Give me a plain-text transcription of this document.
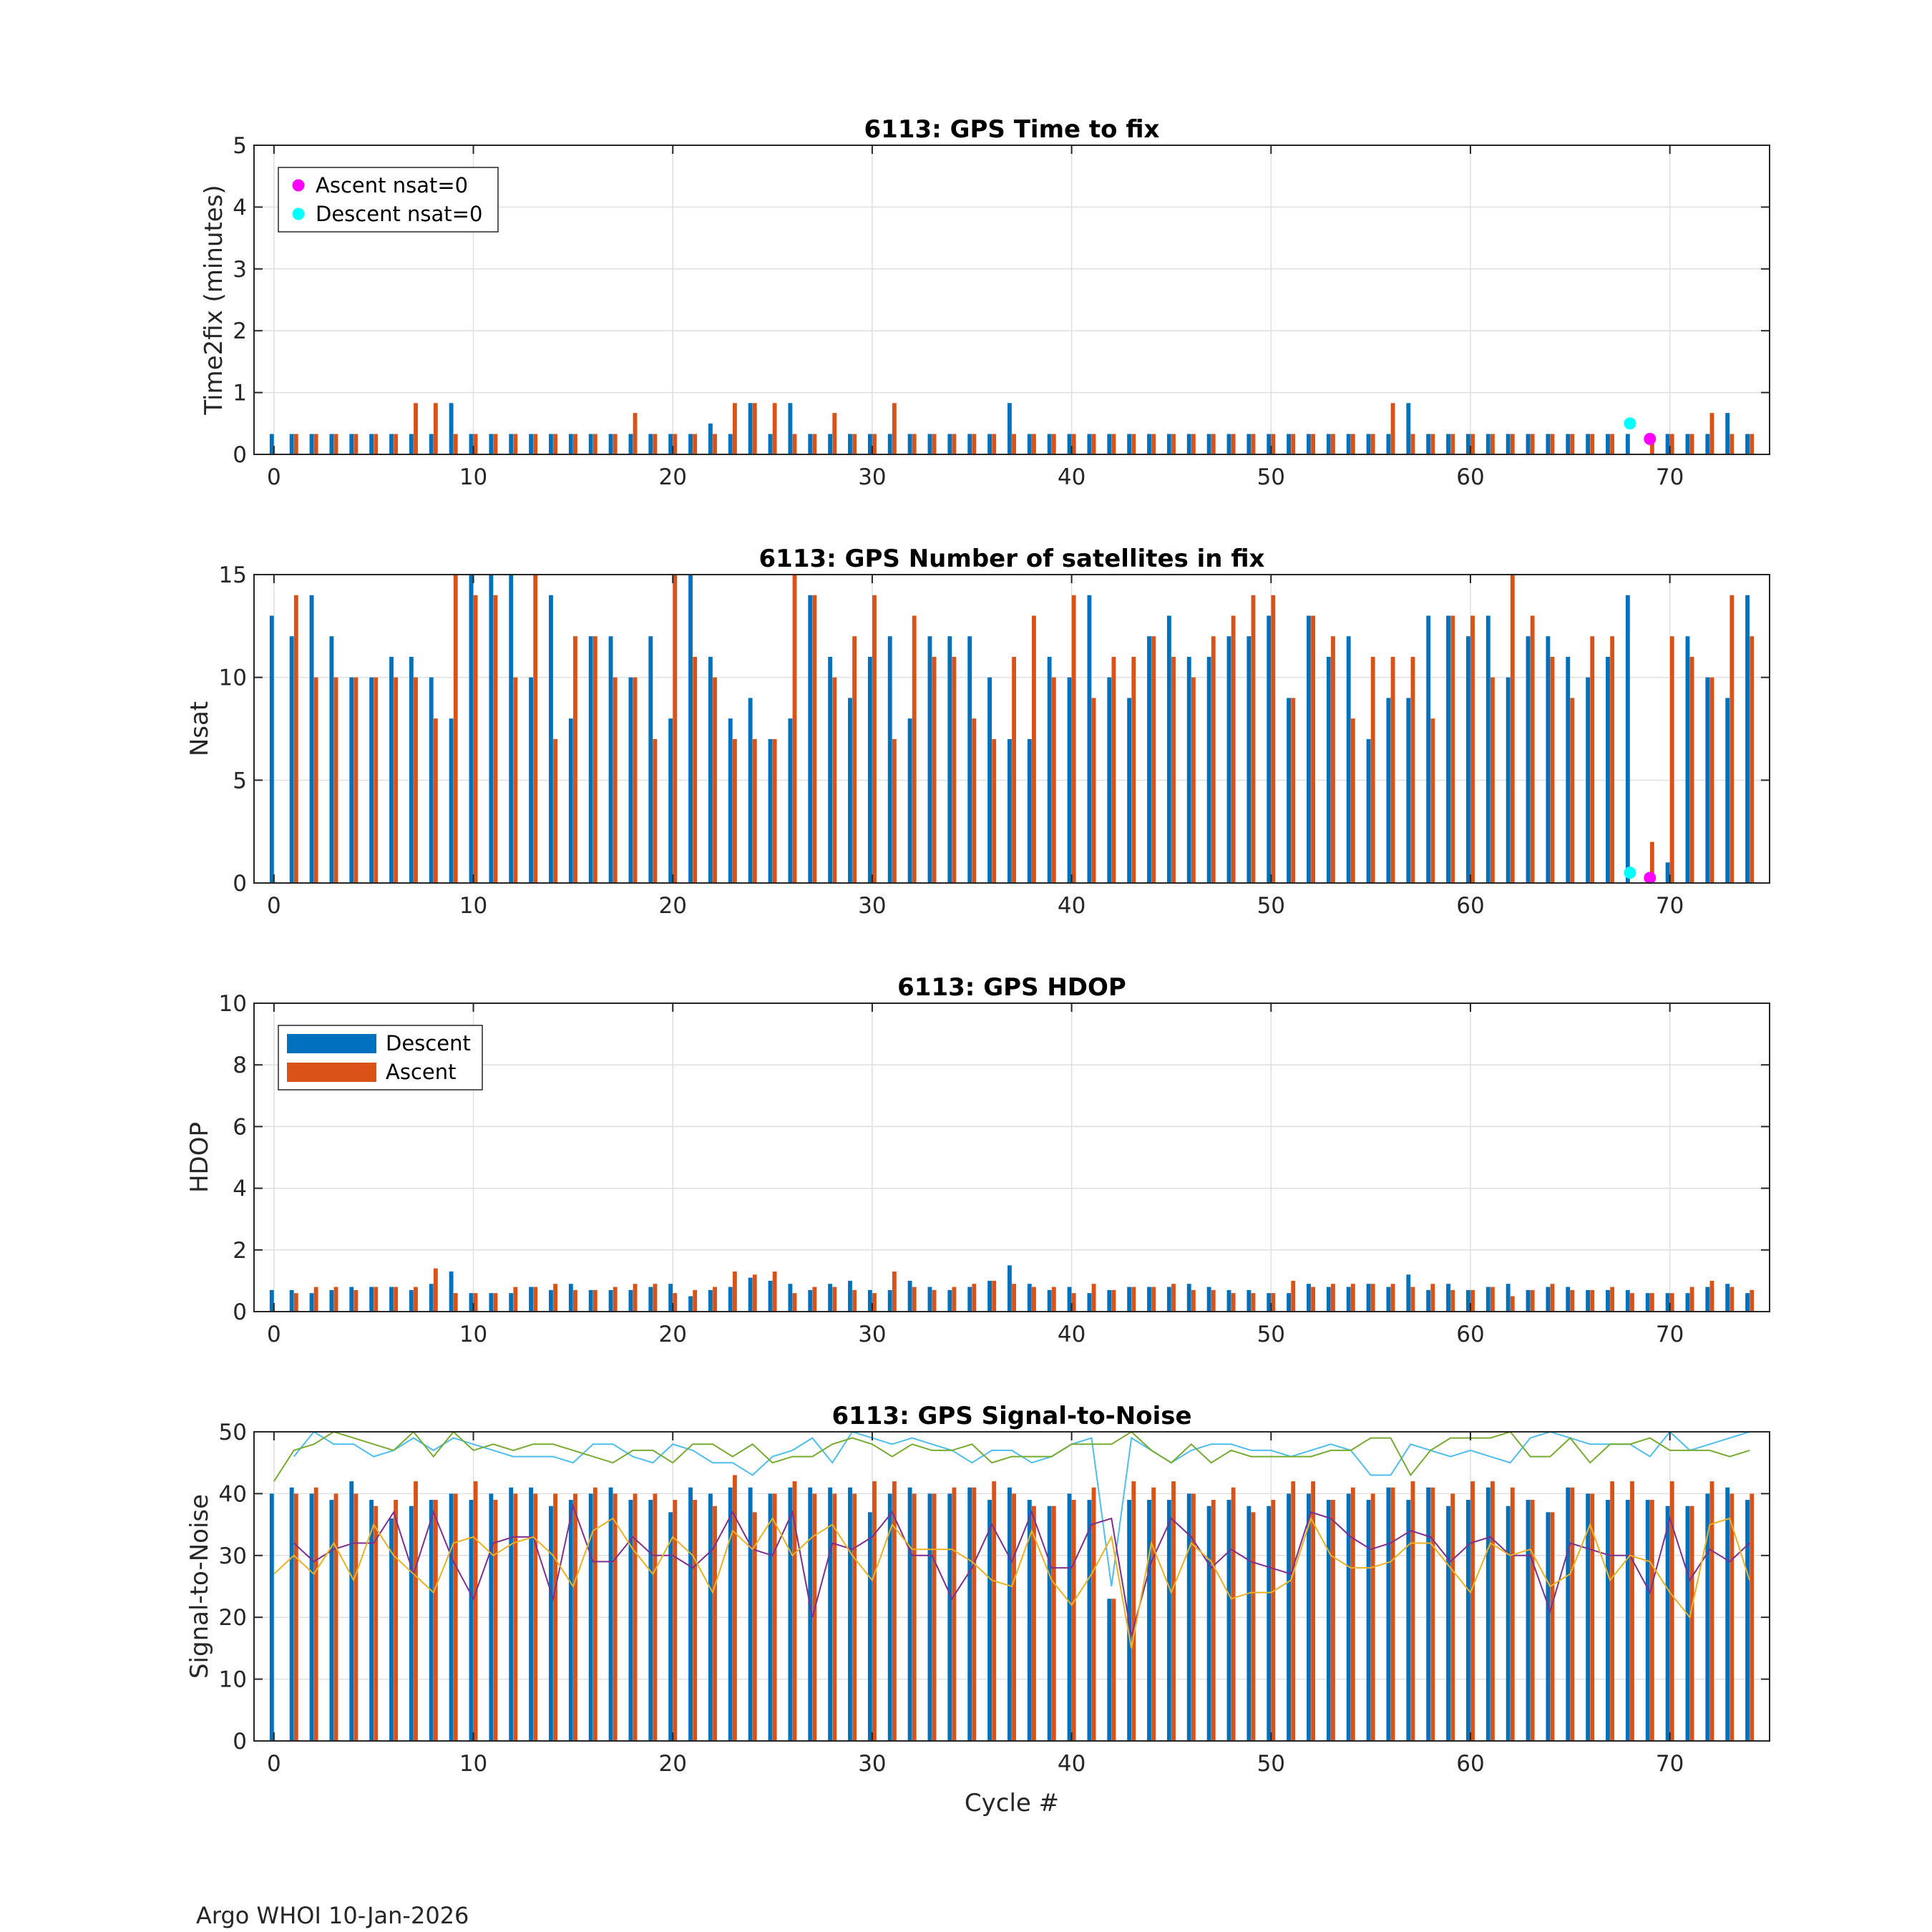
0	10	20	30	40	50	60	70
0
1
2
3
4
5
6113: GPS Time to fix
Time2fix (minutes)	Ascent nsat=0
Descent nsat=0
0	10	20	30	40	50	60	70
0
5
10
15
6113: GPS Number of satellites in fix
Nsat
0	10	20	30	40	50	60	70
0
2
4
6
8
10
6113: GPS HDOP
HDOP
Descent
Ascent
0	10	20	30	40	50	60	70
0
10
20
30
40
50
6113: GPS Signal-to-Noise
Signal-to-Noise
Cycle #
Argo WHOI 10-Jan-2026
